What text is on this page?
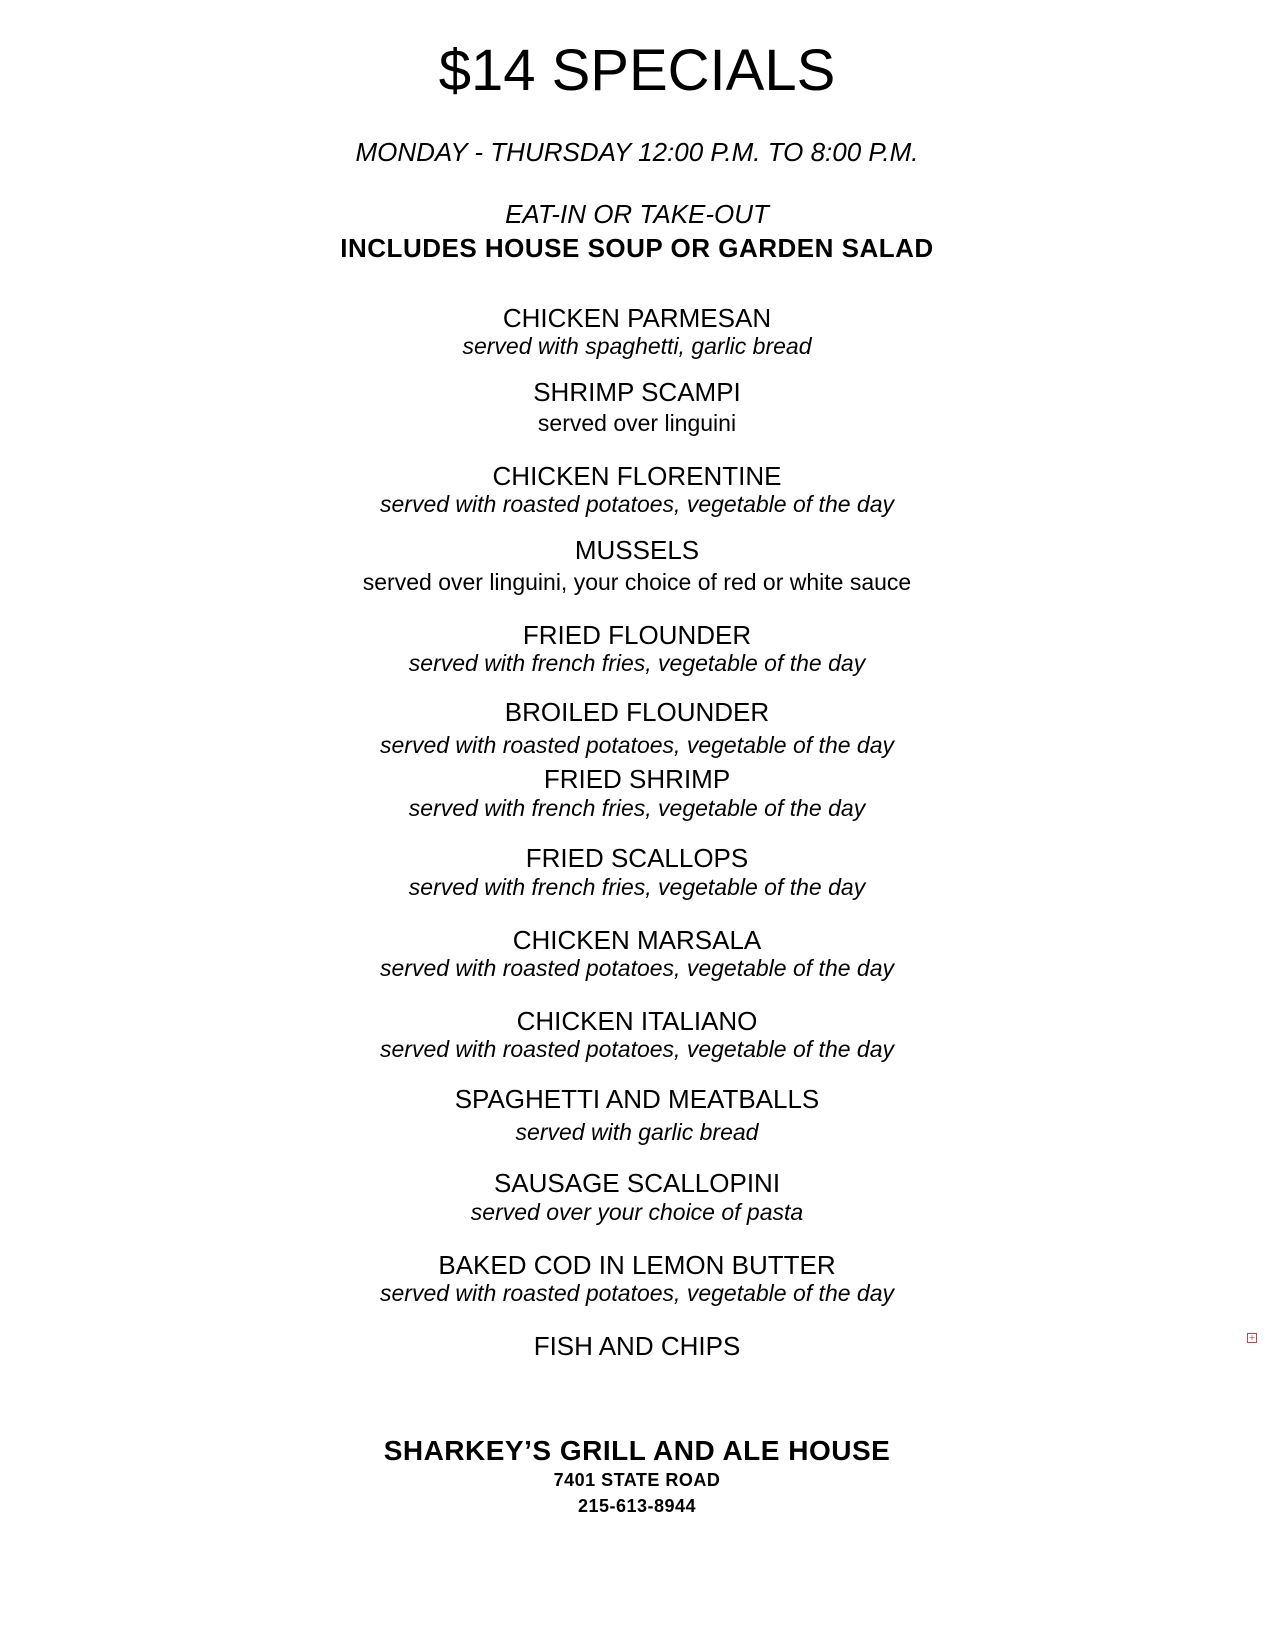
$14 SPECIALS
MONDAY - THURSDAY 12:00 P.M. TO 8:00 P.M.
EAT-IN OR TAKE-OUT
INCLUDES HOUSE SOUP OR GARDEN SALAD
CHICKEN PARMESAN
served with spaghetti, garlic bread
SHRIMP SCAMPI
served over linguini
CHICKEN FLORENTINE
served with roasted potatoes, vegetable of the day
MUSSELS
served over linguini, your choice of red or white sauce
FRIED FLOUNDER
served with french fries, vegetable of the day
BROILED FLOUNDER
served with roasted potatoes, vegetable of the day
FRIED SHRIMP
served with french fries, vegetable of the day
FRIED SCALLOPS
served with french fries, vegetable of the day
CHICKEN MARSALA
served with roasted potatoes, vegetable of the day
CHICKEN ITALIANO
served with roasted potatoes, vegetable of the day
SPAGHETTI AND MEATBALLS
served with garlic bread
SAUSAGE SCALLOPINI
served over your choice of pasta
BAKED COD IN LEMON BUTTER
served with roasted potatoes, vegetable of the day
FISH AND CHIPS
SHARKEY’S GRILL AND ALE HOUSE
7401 STATE ROAD
215-613-8944
+
